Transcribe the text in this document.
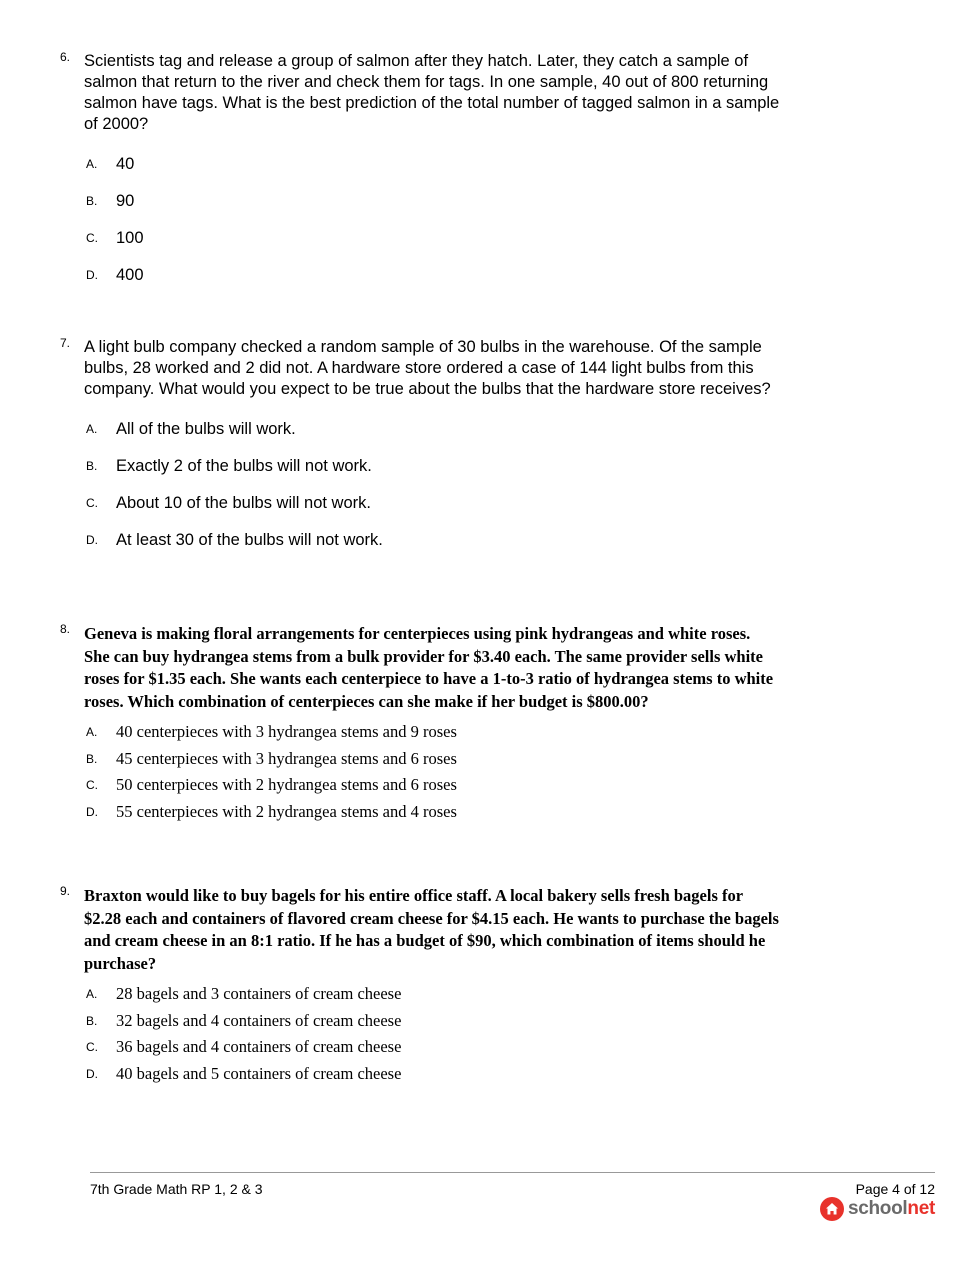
6. Scientists tag and release a group of salmon after they hatch. Later, they catch a sample of salmon that return to the river and check them for tags. In one sample, 40 out of 800 returning salmon have tags. What is the best prediction of the total number of tagged salmon in a sample of 2000?
A. 40
B. 90
C. 100
D. 400
7. A light bulb company checked a random sample of 30 bulbs in the warehouse. Of the sample bulbs, 28 worked and 2 did not. A hardware store ordered a case of 144 light bulbs from this company. What would you expect to be true about the bulbs that the hardware store receives?
A. All of the bulbs will work.
B. Exactly 2 of the bulbs will not work.
C. About 10 of the bulbs will not work.
D. At least 30 of the bulbs will not work.
8. Geneva is making floral arrangements for centerpieces using pink hydrangeas and white roses. She can buy hydrangea stems from a bulk provider for $3.40 each. The same provider sells white roses for $1.35 each. She wants each centerpiece to have a 1-to-3 ratio of hydrangea stems to white roses. Which combination of centerpieces can she make if her budget is $800.00?
A. 40 centerpieces with 3 hydrangea stems and 9 roses
B. 45 centerpieces with 3 hydrangea stems and 6 roses
C. 50 centerpieces with 2 hydrangea stems and 6 roses
D. 55 centerpieces with 2 hydrangea stems and 4 roses
9. Braxton would like to buy bagels for his entire office staff. A local bakery sells fresh bagels for $2.28 each and containers of flavored cream cheese for $4.15 each. He wants to purchase the bagels and cream cheese in an 8:1 ratio. If he has a budget of $90, which combination of items should he purchase?
A. 28 bagels and 3 containers of cream cheese
B. 32 bagels and 4 containers of cream cheese
C. 36 bagels and 4 containers of cream cheese
D. 40 bagels and 5 containers of cream cheese
7th Grade Math RP 1, 2 & 3	Page 4 of 12
schoolnet
